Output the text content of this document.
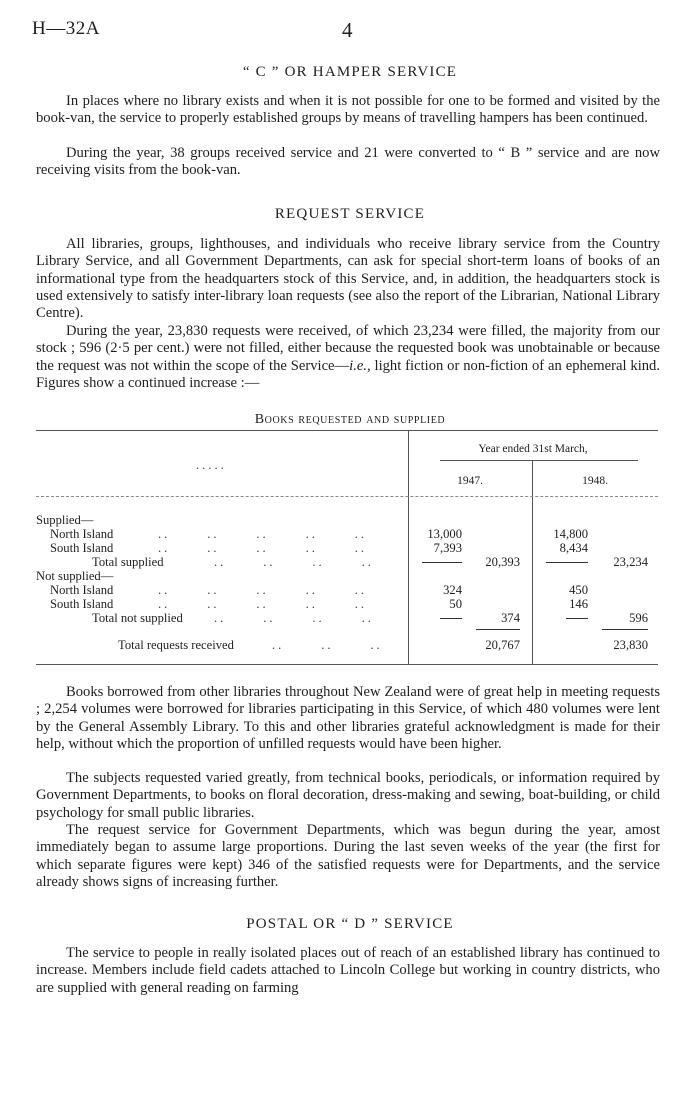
H—32A	4
“ C ” OR HAMPER SERVICE
In places where no library exists and when it is not possible for one to be formed and visited by the book-van, the service to properly established groups by means of travelling hampers has been continued.
During the year, 38 groups received service and 21 were converted to “ B ” service and are now receiving visits from the book-van.
REQUEST SERVICE
All libraries, groups, lighthouses, and individuals who receive library service from the Country Library Service, and all Government Departments, can ask for special short-term loans of books of an informational type from the headquarters stock of this Service, and, in addition, the headquarters stock is used extensively to satisfy inter-library loan requests (see also the report of the Librarian, National Library Centre).
During the year, 23,830 requests were received, of which 23,234 were filled, the majority from our stock ; 596 (2·5 per cent.) were not filled, either because the requested book was unobtainable or because the request was not within the scope of the Service—i.e., light fiction or non-fiction of an ephemeral kind. Figures show a continued increase :—
Books requested and supplied
.....
Year ended 31st March,
1947.	1948.
Supplied—
North Island
South Island
Total supplied
Not supplied—
North Island
South Island
Total not supplied
Total requests received
..      ..      ..      ..      ..
..      ..      ..      ..      ..
..      ..      ..      ..
..      ..      ..      ..      ..
..      ..      ..      ..      ..
..      ..      ..      ..
..      ..      ..
13,000
7,393
20,393
324
50
374
20,767
14,800
8,434
23,234
450
146
596
23,830
Books borrowed from other libraries throughout New Zealand were of great help in meeting requests ; 2,254 volumes were borrowed for libraries participating in this Service, of which 480 volumes were lent by the General Assembly Library. To this and other libraries grateful acknowledgment is made for their help, without which the proportion of unfilled requests would have been higher.
The subjects requested varied greatly, from technical books, periodicals, or information required by Government Departments, to books on floral decoration, dress-making and sewing, boat-building, or child psychology for small public libraries.
The request service for Government Departments, which was begun during the year, amost immediately began to assume large proportions. During the last seven weeks of the year (the first for which separate figures were kept) 346 of the satisfied requests were for Departments, and the service already shows signs of increasing further.
POSTAL OR “ D ” SERVICE
The service to people in really isolated places out of reach of an established library has continued to increase. Members include field cadets attached to Lincoln College but working in country districts, who are supplied with general reading on farming
